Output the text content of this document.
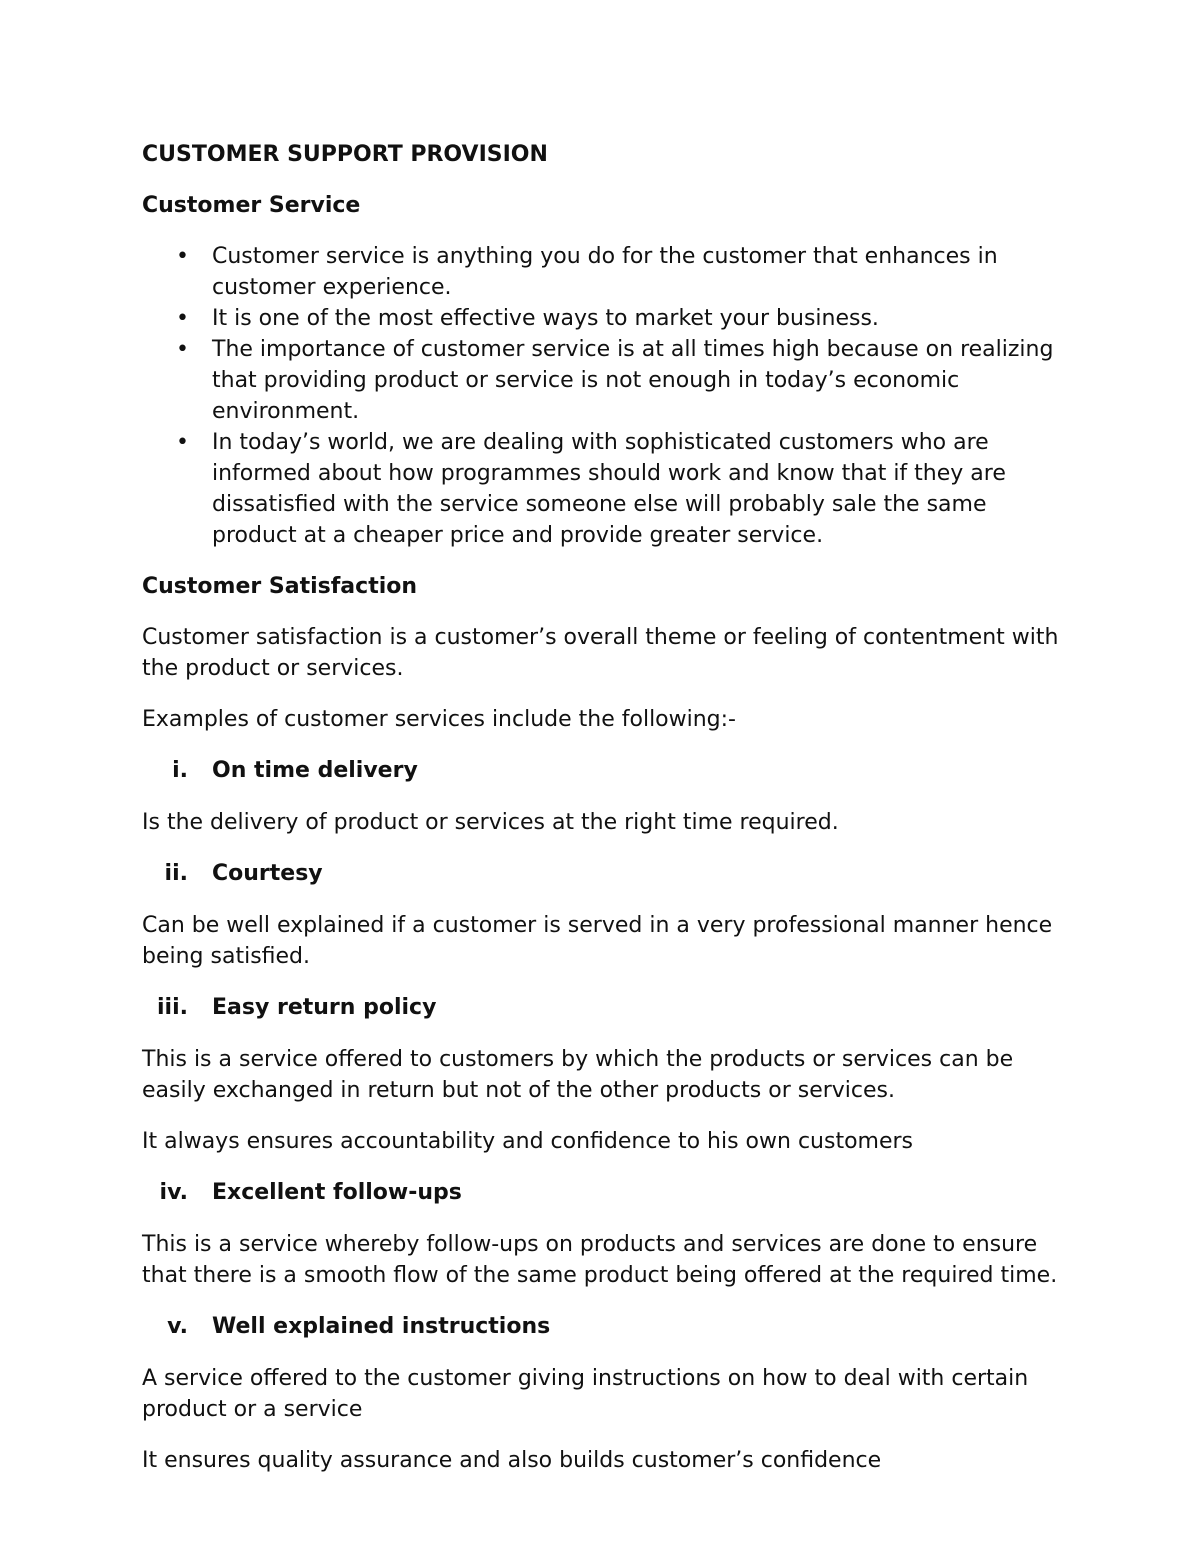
CUSTOMER SUPPORT PROVISION
Customer Service
• Customer service is anything you do for the customer that enhances in customer experience.
• It is one of the most effective ways to market your business.
• The importance of customer service is at all times high because on realizing that providing product or service is not enough in today’s economic environment.
• In today’s world, we are dealing with sophisticated customers who are informed about how programmes should work and know that if they are dissatisfied with the service someone else will probably sale the same product at a cheaper price and provide greater service.
Customer Satisfaction

Customer satisfaction is a customer’s overall theme or feeling of contentment with the product or services.

Examples of customer services include the following:-

i. On time delivery

Is the delivery of product or services at the right time required.

ii. Courtesy

Can be well explained if a customer is served in a very professional manner hence being satisfied.

iii. Easy return policy

This is a service offered to customers by which the products or services can be easily exchanged in return but not of the other products or services.

It always ensures accountability and confidence to his own customers

iv. Excellent follow-ups

This is a service whereby follow-ups on products and services are done to ensure that there is a smooth flow of the same product being offered at the required time.

v. Well explained instructions

A service offered to the customer giving instructions on how to deal with certain product or a service

It ensures quality assurance and also builds customer’s confidence
